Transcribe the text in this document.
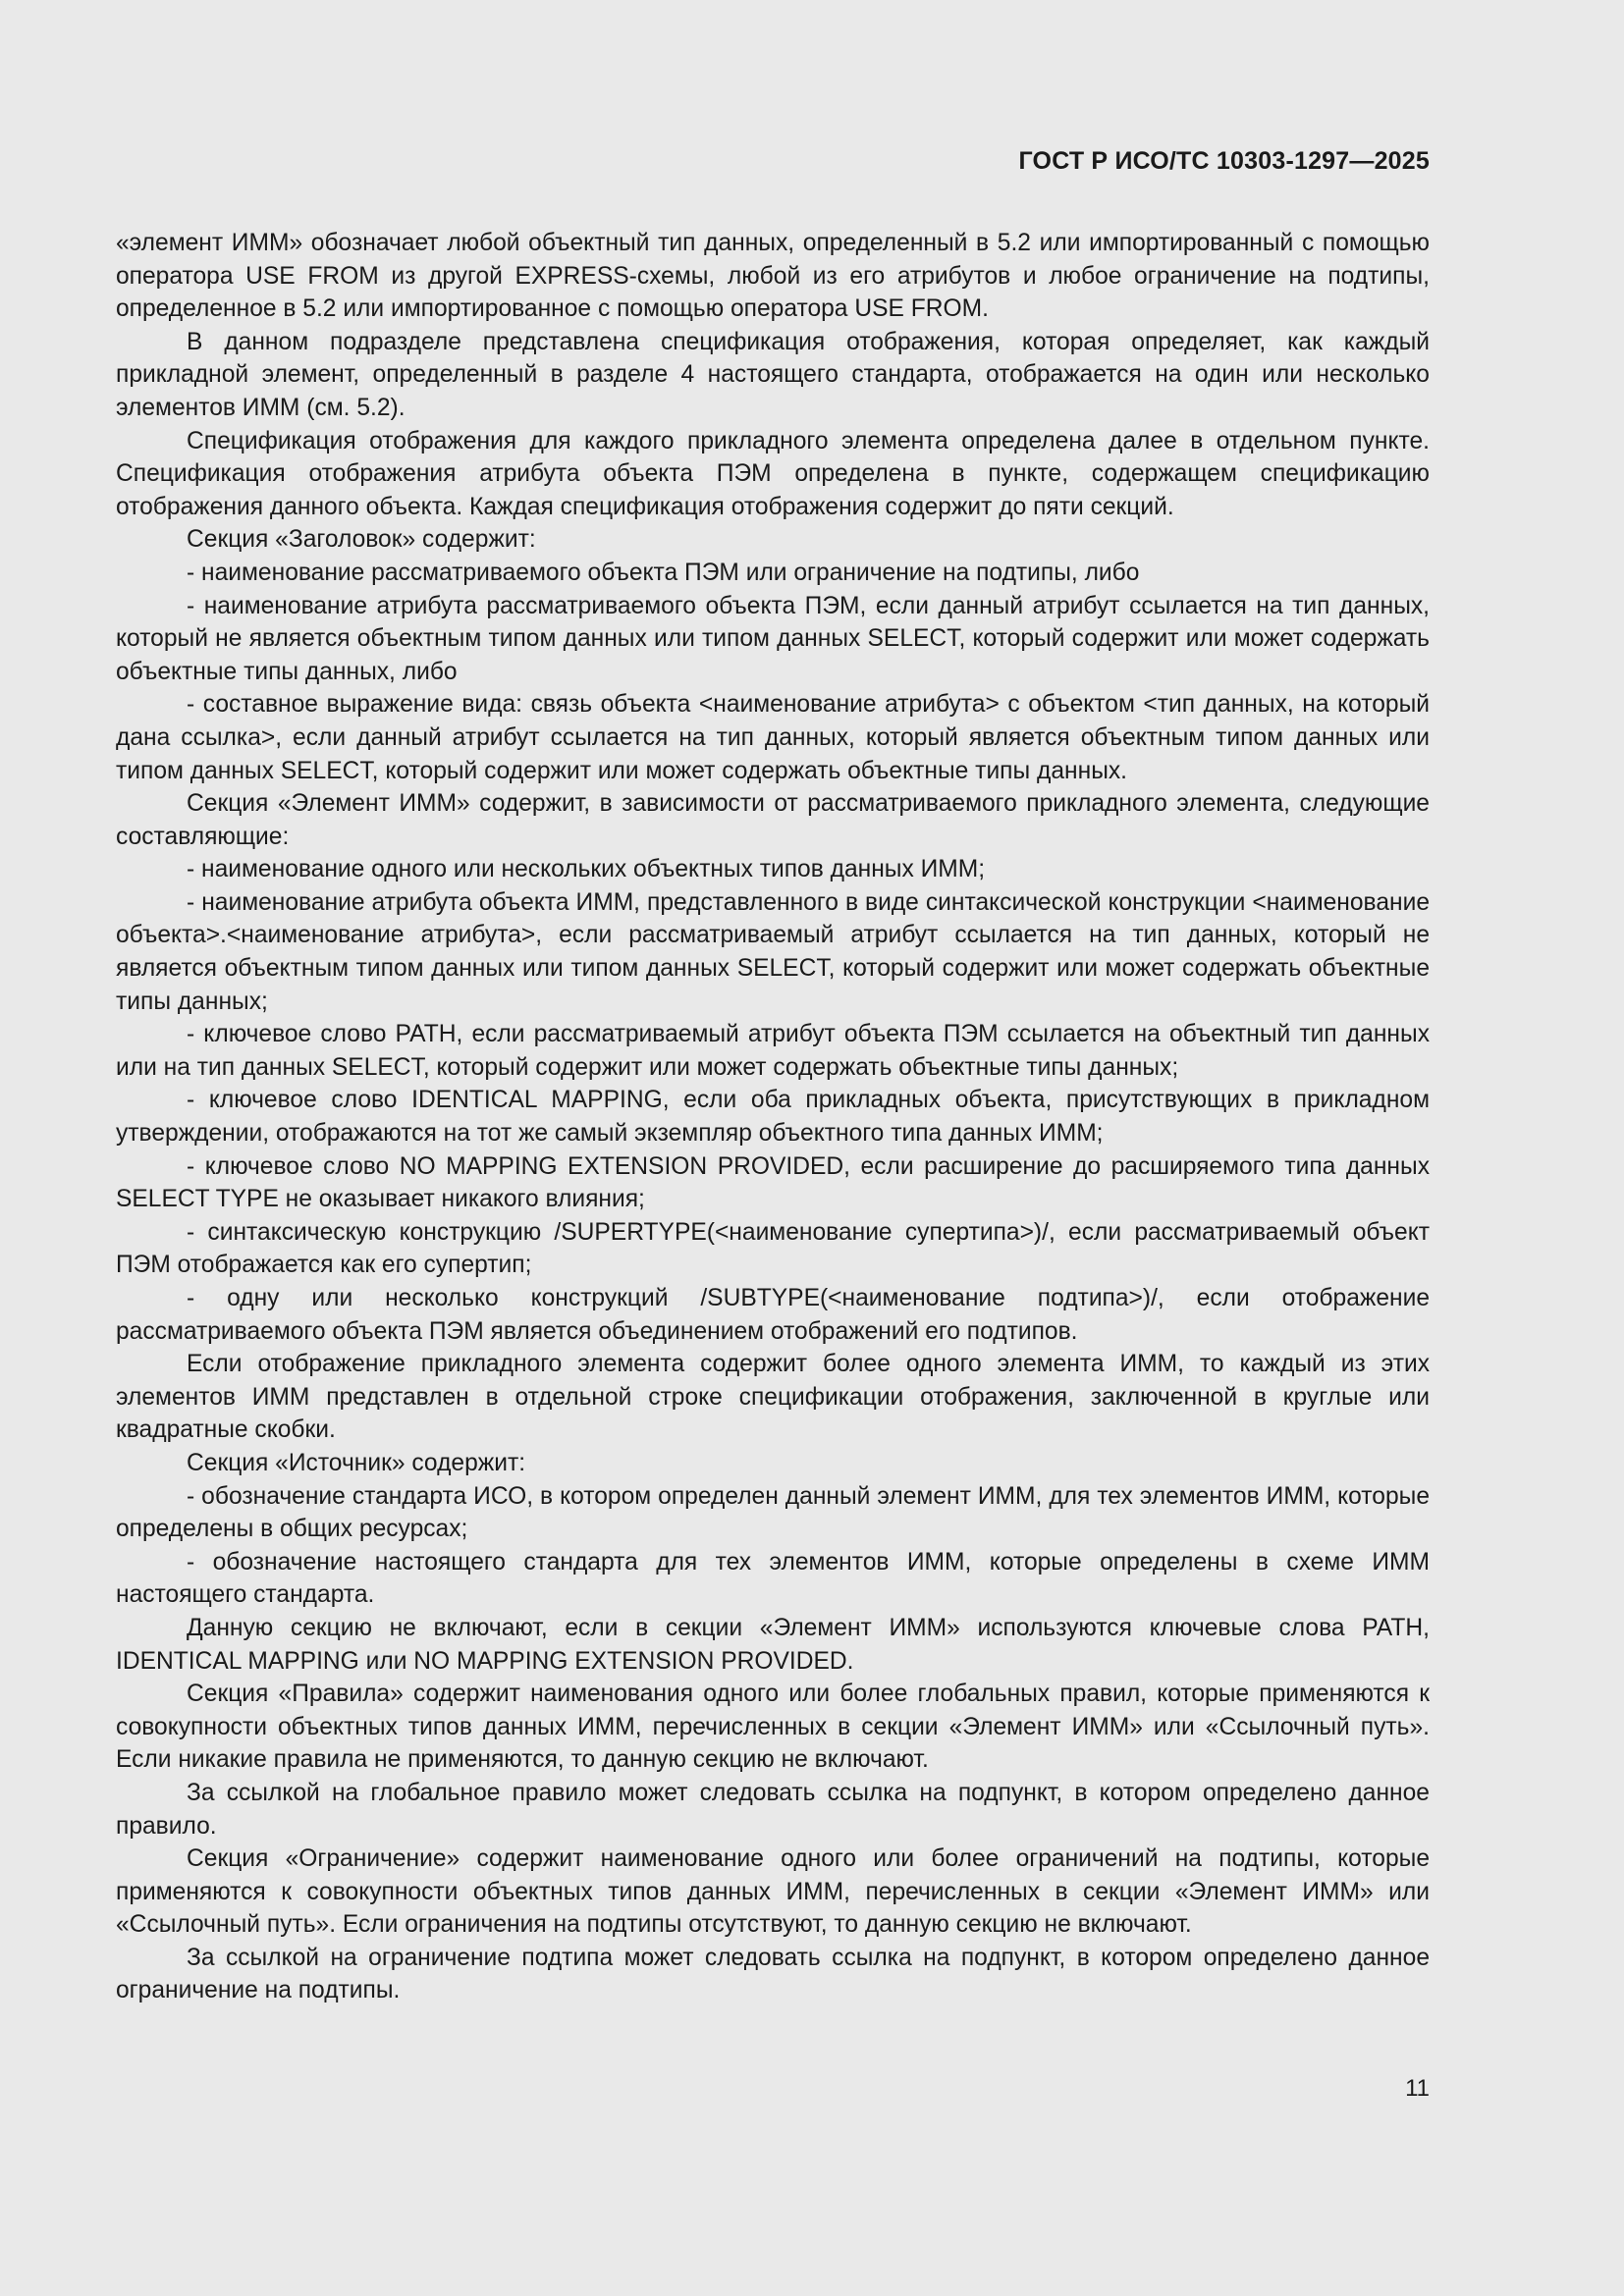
ГОСТ Р ИСО/ТС 10303-1297—2025

«элемент ИММ» обозначает любой объектный тип данных, определенный в 5.2 или импортированный с помощью оператора USE FROM из другой EXPRESS-схемы, любой из его атрибутов и любое ограничение на подтипы, определенное в 5.2 или импортированное с помощью оператора USE FROM.

В данном подразделе представлена спецификация отображения, которая определяет, как каждый прикладной элемент, определенный в разделе 4 настоящего стандарта, отображается на один или несколько элементов ИММ (см. 5.2).

Спецификация отображения для каждого прикладного элемента определена далее в отдельном пункте. Спецификация отображения атрибута объекта ПЭМ определена в пункте, содержащем спецификацию отображения данного объекта. Каждая спецификация отображения содержит до пяти секций.

Секция «Заголовок» содержит:

- наименование рассматриваемого объекта ПЭМ или ограничение на подтипы, либо

- наименование атрибута рассматриваемого объекта ПЭМ, если данный атрибут ссылается на тип данных, который не является объектным типом данных или типом данных SELECT, который содержит или может содержать объектные типы данных, либо

- составное выражение вида: связь объекта <наименование атрибута> с объектом <тип данных, на который дана ссылка>, если данный атрибут ссылается на тип данных, который является объектным типом данных или типом данных SELECT, который содержит или может содержать объектные типы данных.

Секция «Элемент ИММ» содержит, в зависимости от рассматриваемого прикладного элемента, следующие составляющие:

- наименование одного или нескольких объектных типов данных ИММ;

- наименование атрибута объекта ИММ, представленного в виде синтаксической конструкции <наименование объекта>.<наименование атрибута>, если рассматриваемый атрибут ссылается на тип данных, который не является объектным типом данных или типом данных SELECT, который содержит или может содержать объектные типы данных;

- ключевое слово PATH, если рассматриваемый атрибут объекта ПЭМ ссылается на объектный тип данных или на тип данных SELECT, который содержит или может содержать объектные типы данных;

- ключевое слово IDENTICAL MAPPING, если оба прикладных объекта, присутствующих в прикладном утверждении, отображаются на тот же самый экземпляр объектного типа данных ИММ;

- ключевое слово NO MAPPING EXTENSION PROVIDED, если расширение до расширяемого типа данных SELECT TYPE не оказывает никакого влияния;

- синтаксическую конструкцию /SUPERTYPE(<наименование супертипа>)/, если рассматриваемый объект ПЭМ отображается как его супертип;

- одну или несколько конструкций /SUBTYPE(<наименование подтипа>)/, если отображение рассматриваемого объекта ПЭМ является объединением отображений его подтипов.

Если отображение прикладного элемента содержит более одного элемента ИММ, то каждый из этих элементов ИММ представлен в отдельной строке спецификации отображения, заключенной в круглые или квадратные скобки.

Секция «Источник» содержит:

- обозначение стандарта ИСО, в котором определен данный элемент ИММ, для тех элементов ИММ, которые определены в общих ресурсах;

- обозначение настоящего стандарта для тех элементов ИММ, которые определены в схеме ИММ настоящего стандарта.

Данную секцию не включают, если в секции «Элемент ИММ» используются ключевые слова PATH, IDENTICAL MAPPING или NO MAPPING EXTENSION PROVIDED.

Секция «Правила» содержит наименования одного или более глобальных правил, которые применяются к совокупности объектных типов данных ИММ, перечисленных в секции «Элемент ИММ» или «Ссылочный путь». Если никакие правила не применяются, то данную секцию не включают.

За ссылкой на глобальное правило может следовать ссылка на подпункт, в котором определено данное правило.

Секция «Ограничение» содержит наименование одного или более ограничений на подтипы, которые применяются к совокупности объектных типов данных ИММ, перечисленных в секции «Элемент ИММ» или «Ссылочный путь». Если ограничения на подтипы отсутствуют, то данную секцию не включают.

За ссылкой на ограничение подтипа может следовать ссылка на подпункт, в котором определено данное ограничение на подтипы.

11
